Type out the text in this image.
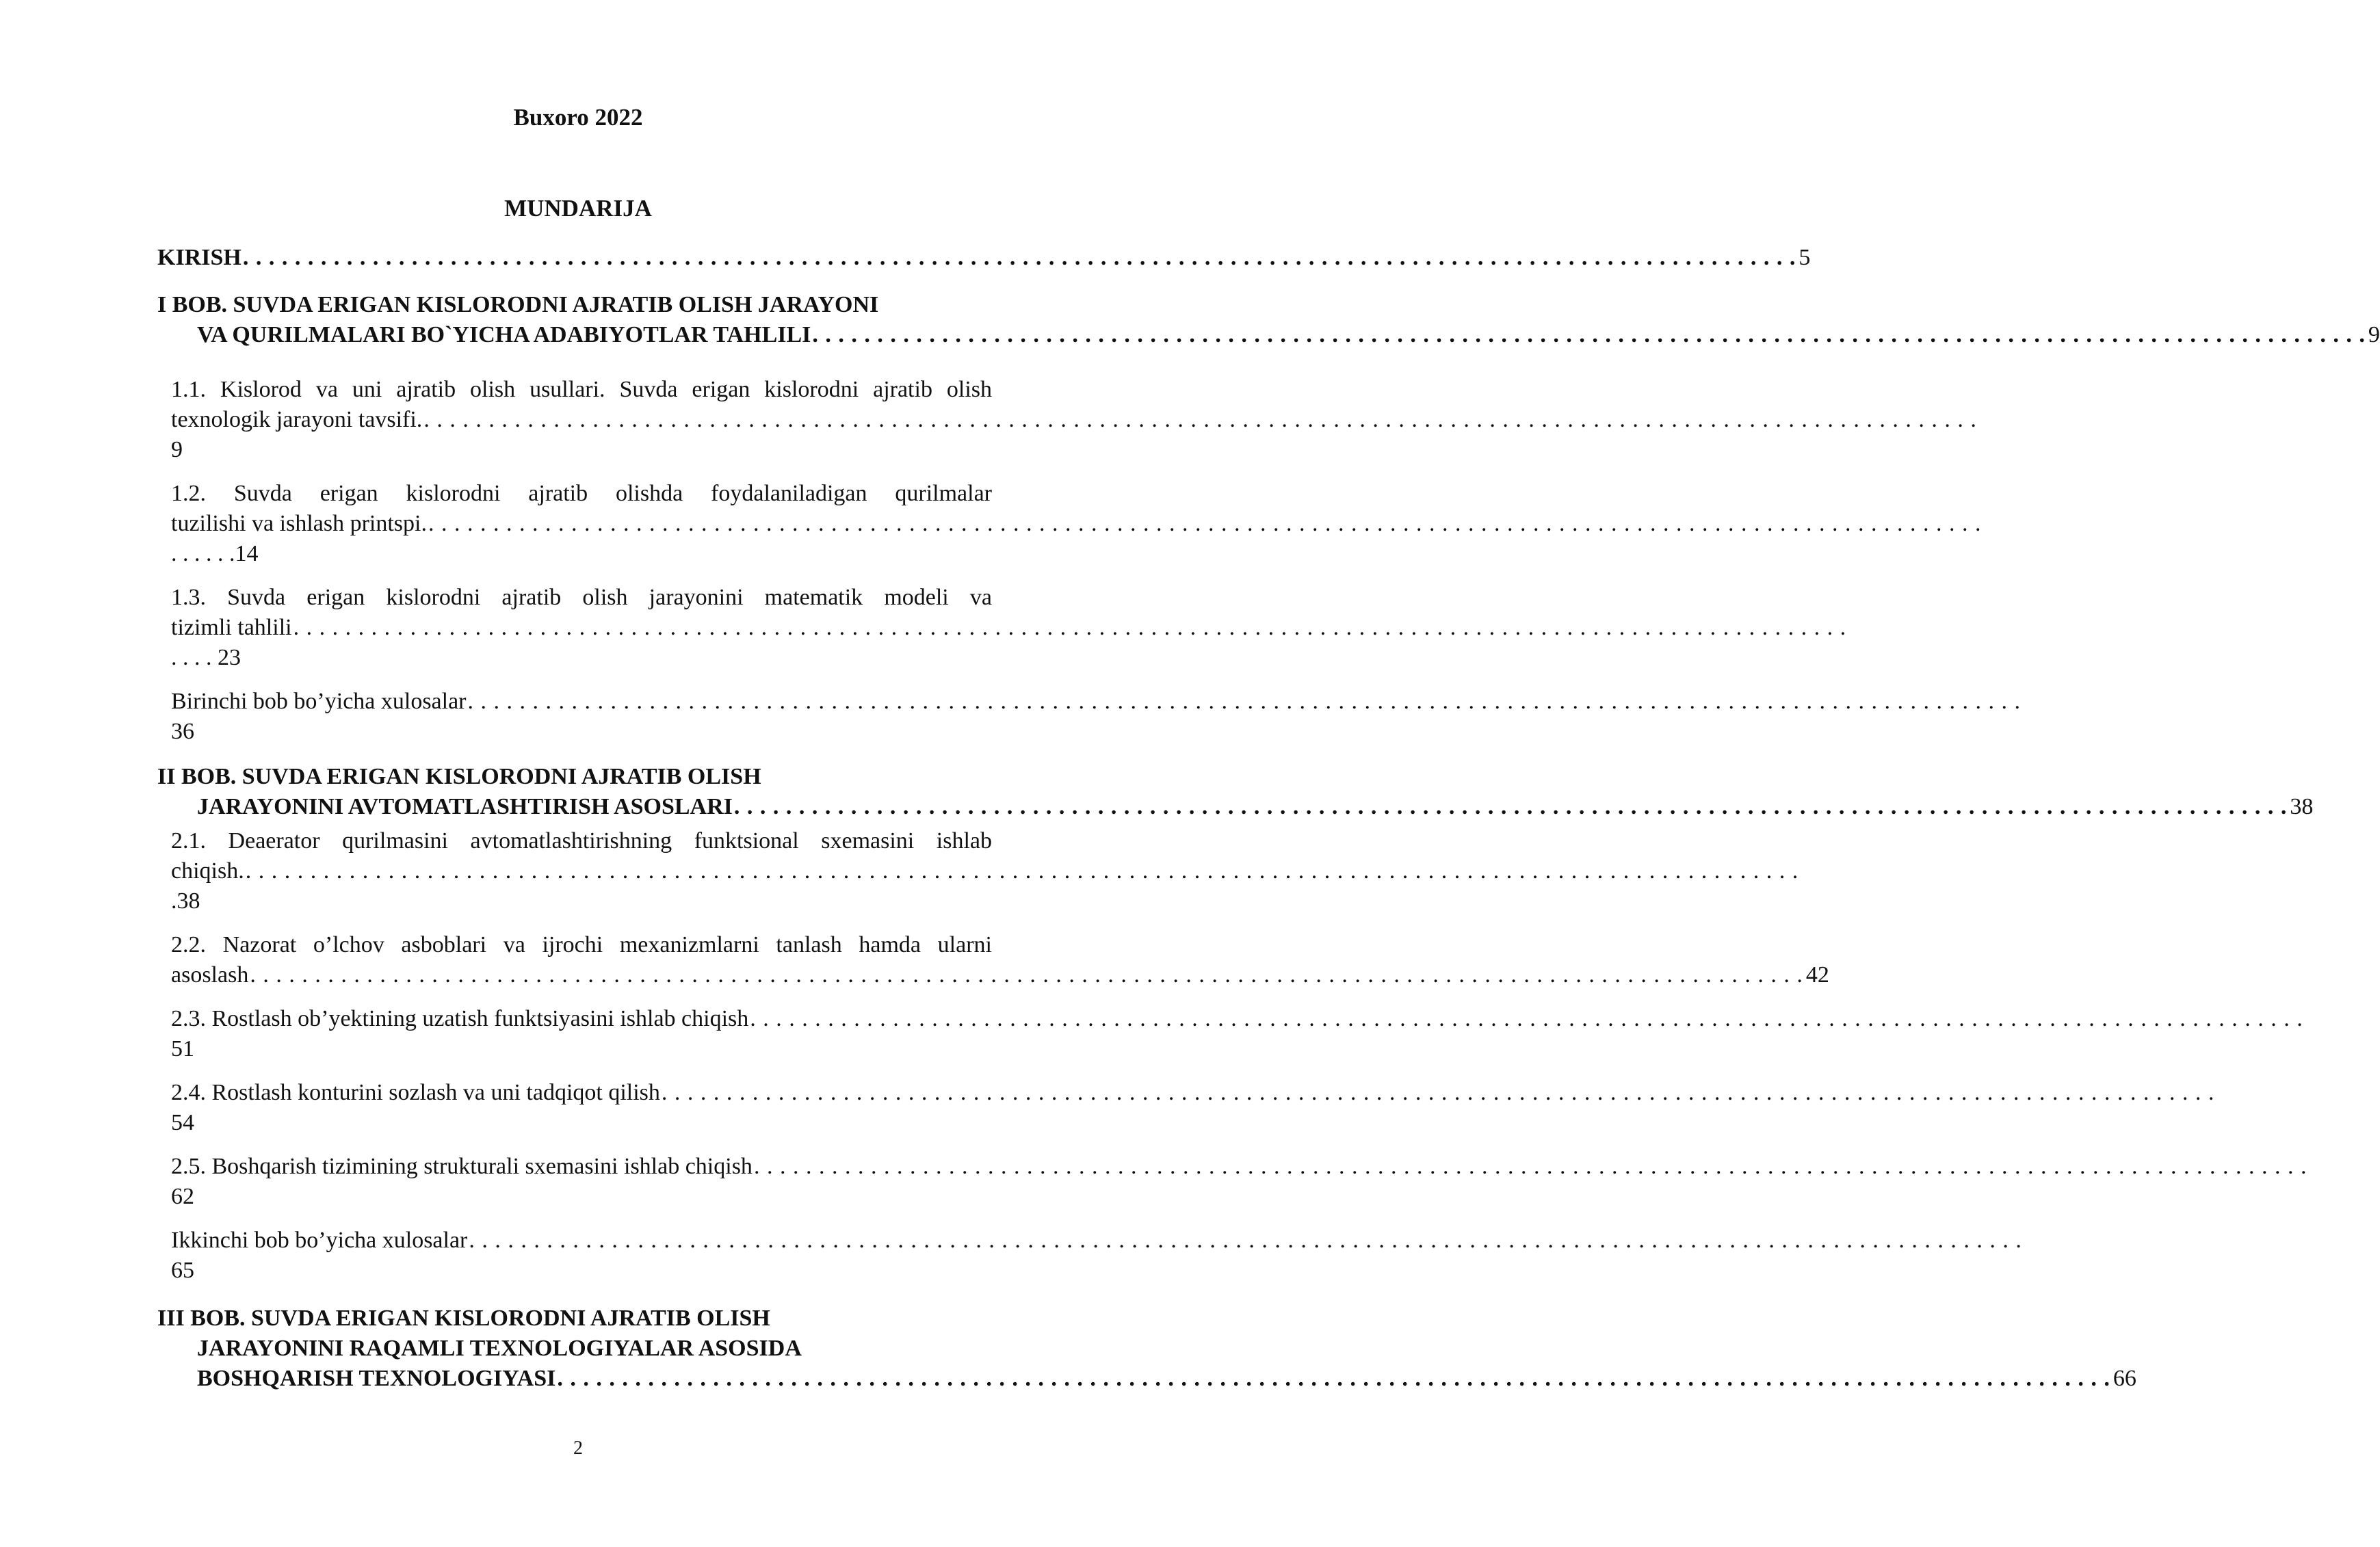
Buxoro 2022
MUNDARIJA
KIRISH . . . . . . . . . . . . . . . . . . . . . . . . . . . . . . . . . . . . . . . . . . . . . . . . . . . . . . . . . . . . . . . . . . . . . . . . . . . . . . . . . . . . . . . . . . . . . . . . . . . . . . . . . . . . . . . . . . . . . . . . 5
I BOB. SUVDA ERIGAN KISLORODNI AJRATIB OLISH JARAYONI
VA QURILMALARI BO`YICHA ADABIYOTLAR TAHLILI . . . . . . . . . . . . . . . . . . . . . . . . . . . . . . . . . . . . . . . . . . . . . . . . . . . . . . . . . . . . . . . . . . . . . . . . . . . . . . . . . . . . . . . . . . . . . . . . . . . . . . . . . . . . . . . . . . . . . . . . 9
1.1. Kislorod va uni ajratib olish usullari. Suvda erigan kislorodni ajratib olish
texnologik jarayoni tavsifi. . . . . . . . . . . . . . . . . . . . . . . . . . . . . . . . . . . . . . . . . . . . . . . . . . . . . . . . . . . . . . . . . . . . . . . . . . . . . . . . . . . . . . . . . . . . . . . . . . . . . . . . . . . . . . . . . . . . . . . . .
9
1.2. Suvda erigan kislorodni ajratib olishda foydalaniladigan qurilmalar
tuzilishi va ishlash printspi. . . . . . . . . . . . . . . . . . . . . . . . . . . . . . . . . . . . . . . . . . . . . . . . . . . . . . . . . . . . . . . . . . . . . . . . . . . . . . . . . . . . . . . . . . . . . . . . . . . . . . . . . . . . . . . . . . . . . . . . .
. . . . . .14
1.3. Suvda erigan kislorodni ajratib olish jarayonini matematik modeli va
tizimli tahlili . . . . . . . . . . . . . . . . . . . . . . . . . . . . . . . . . . . . . . . . . . . . . . . . . . . . . . . . . . . . . . . . . . . . . . . . . . . . . . . . . . . . . . . . . . . . . . . . . . . . . . . . . . . . . . . . . . . . . . . .
. . . . 23
Birinchi bob bo’yicha xulosalar . . . . . . . . . . . . . . . . . . . . . . . . . . . . . . . . . . . . . . . . . . . . . . . . . . . . . . . . . . . . . . . . . . . . . . . . . . . . . . . . . . . . . . . . . . . . . . . . . . . . . . . . . . . . . . . . . . . . . . . .
36
II BOB. SUVDA ERIGAN KISLORODNI AJRATIB OLISH
JARAYONINI AVTOMATLASHTIRISH ASOSLARI . . . . . . . . . . . . . . . . . . . . . . . . . . . . . . . . . . . . . . . . . . . . . . . . . . . . . . . . . . . . . . . . . . . . . . . . . . . . . . . . . . . . . . . . . . . . . . . . . . . . . . . . . . . . . . . . . . . . . . . . 38
2.1. Deaerator qurilmasini avtomatlashtirishning funktsional sxemasini ishlab
chiqish. . . . . . . . . . . . . . . . . . . . . . . . . . . . . . . . . . . . . . . . . . . . . . . . . . . . . . . . . . . . . . . . . . . . . . . . . . . . . . . . . . . . . . . . . . . . . . . . . . . . . . . . . . . . . . . . . . . . . . . . .
.38
2.2. Nazorat o’lchov asboblari va ijrochi mexanizmlarni tanlash hamda ularni
asoslash . . . . . . . . . . . . . . . . . . . . . . . . . . . . . . . . . . . . . . . . . . . . . . . . . . . . . . . . . . . . . . . . . . . . . . . . . . . . . . . . . . . . . . . . . . . . . . . . . . . . . . . . . . . . . . . . . . . . . . . . 42
2.3. Rostlash ob’yektining uzatish funktsiyasini ishlab chiqish . . . . . . . . . . . . . . . . . . . . . . . . . . . . . . . . . . . . . . . . . . . . . . . . . . . . . . . . . . . . . . . . . . . . . . . . . . . . . . . . . . . . . . . . . . . . . . . . . . . . . . . . . . . . . . . . . . . . . . . .
51
2.4. Rostlash konturini sozlash va uni tadqiqot qilish . . . . . . . . . . . . . . . . . . . . . . . . . . . . . . . . . . . . . . . . . . . . . . . . . . . . . . . . . . . . . . . . . . . . . . . . . . . . . . . . . . . . . . . . . . . . . . . . . . . . . . . . . . . . . . . . . . . . . . . .
54
2.5. Boshqarish tizimining strukturali sxemasini ishlab chiqish . . . . . . . . . . . . . . . . . . . . . . . . . . . . . . . . . . . . . . . . . . . . . . . . . . . . . . . . . . . . . . . . . . . . . . . . . . . . . . . . . . . . . . . . . . . . . . . . . . . . . . . . . . . . . . . . . . . . . . . .
62
Ikkinchi bob bo’yicha xulosalar . . . . . . . . . . . . . . . . . . . . . . . . . . . . . . . . . . . . . . . . . . . . . . . . . . . . . . . . . . . . . . . . . . . . . . . . . . . . . . . . . . . . . . . . . . . . . . . . . . . . . . . . . . . . . . . . . . . . . . . .
65
III BOB. SUVDA ERIGAN KISLORODNI AJRATIB OLISH
JARAYONINI RAQAMLI TEXNOLOGIYALAR ASOSIDA
BOSHQARISH TEXNOLOGIYASI . . . . . . . . . . . . . . . . . . . . . . . . . . . . . . . . . . . . . . . . . . . . . . . . . . . . . . . . . . . . . . . . . . . . . . . . . . . . . . . . . . . . . . . . . . . . . . . . . . . . . . . . . . . . . . . . . . . . . . . . 66
2
